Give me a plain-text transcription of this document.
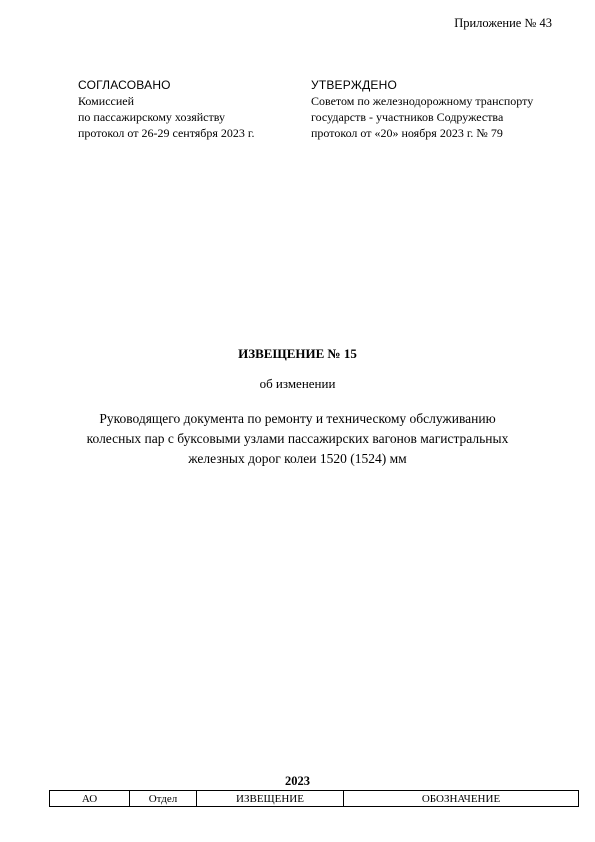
Приложение № 43
СОГЛАСОВАНО
Комиссией
по пассажирскому хозяйству
протокол от 26-29 сентября 2023 г.
УТВЕРЖДЕНО
Советом по железнодорожному транспорту
государств - участников Содружества
протокол от «20» ноября 2023 г. № 79
ИЗВЕЩЕНИЕ № 15
об изменении
Руководящего документа по ремонту и техническому обслуживанию
колесных пар с буксовыми узлами пассажирских вагонов магистральных
железных дорог колеи 1520 (1524) мм
2023
АО	Отдел	ИЗВЕЩЕНИЕ	ОБОЗНАЧЕНИЕ
